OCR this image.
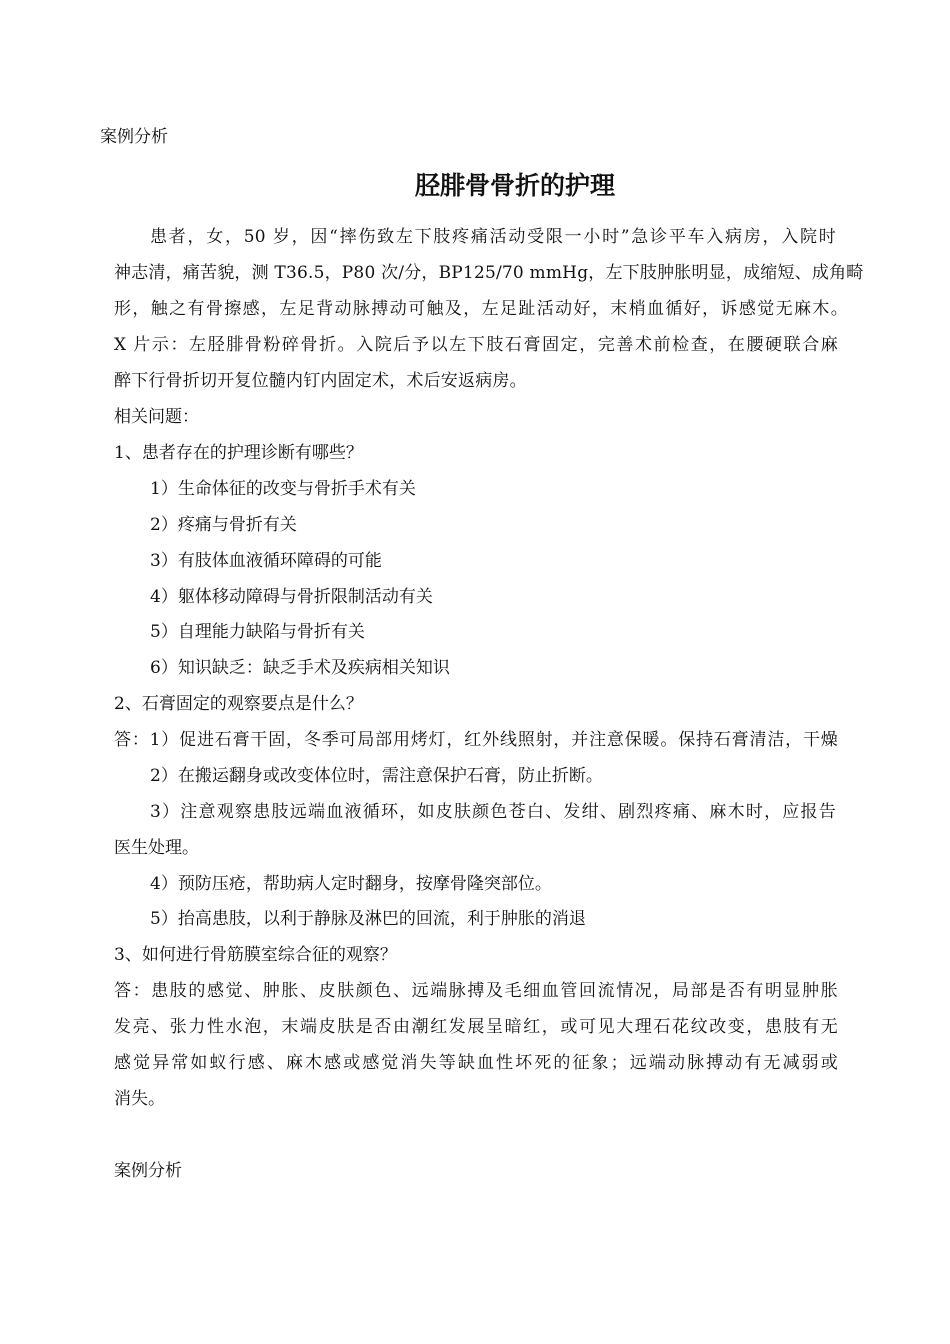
案例分析
胫腓骨骨折的护理
患者，女，50 岁，因“摔伤致左下肢疼痛活动受限一小时”急诊平车入病房，入院时
神志清，痛苦貌，测 T36.5，P80 次/分，BP125/70 mmHg，左下肢肿胀明显，成缩短、成角畸
形，触之有骨擦感，左足背动脉搏动可触及，左足趾活动好，末梢血循好，诉感觉无麻木。
X 片示：左胫腓骨粉碎骨折。入院后予以左下肢石膏固定，完善术前检查，在腰硬联合麻
醉下行骨折切开复位髓内钉内固定术，术后安返病房。
相关问题：
1、患者存在的护理诊断有哪些？
1）生命体征的改变与骨折手术有关
2）疼痛与骨折有关
3）有肢体血液循环障碍的可能
4）躯体移动障碍与骨折限制活动有关
5）自理能力缺陷与骨折有关
6）知识缺乏：缺乏手术及疾病相关知识
2、石膏固定的观察要点是什么？
答：1）促进石膏干固，冬季可局部用烤灯，红外线照射，并注意保暖。保持石膏清洁，干燥
2）在搬运翻身或改变体位时，需注意保护石膏，防止折断。
3）注意观察患肢远端血液循环，如皮肤颜色苍白、发绀、剧烈疼痛、麻木时，应报告
医生处理。
4）预防压疮，帮助病人定时翻身，按摩骨隆突部位。
5）抬高患肢，以利于静脉及淋巴的回流，利于肿胀的消退
3、如何进行骨筋膜室综合征的观察？
答：患肢的感觉、肿胀、皮肤颜色、远端脉搏及毛细血管回流情况，局部是否有明显肿胀
发亮、张力性水泡，末端皮肤是否由潮红发展呈暗红，或可见大理石花纹改变，患肢有无
感觉异常如蚁行感、麻木感或感觉消失等缺血性坏死的征象；远端动脉搏动有无减弱或
消失。
案例分析
